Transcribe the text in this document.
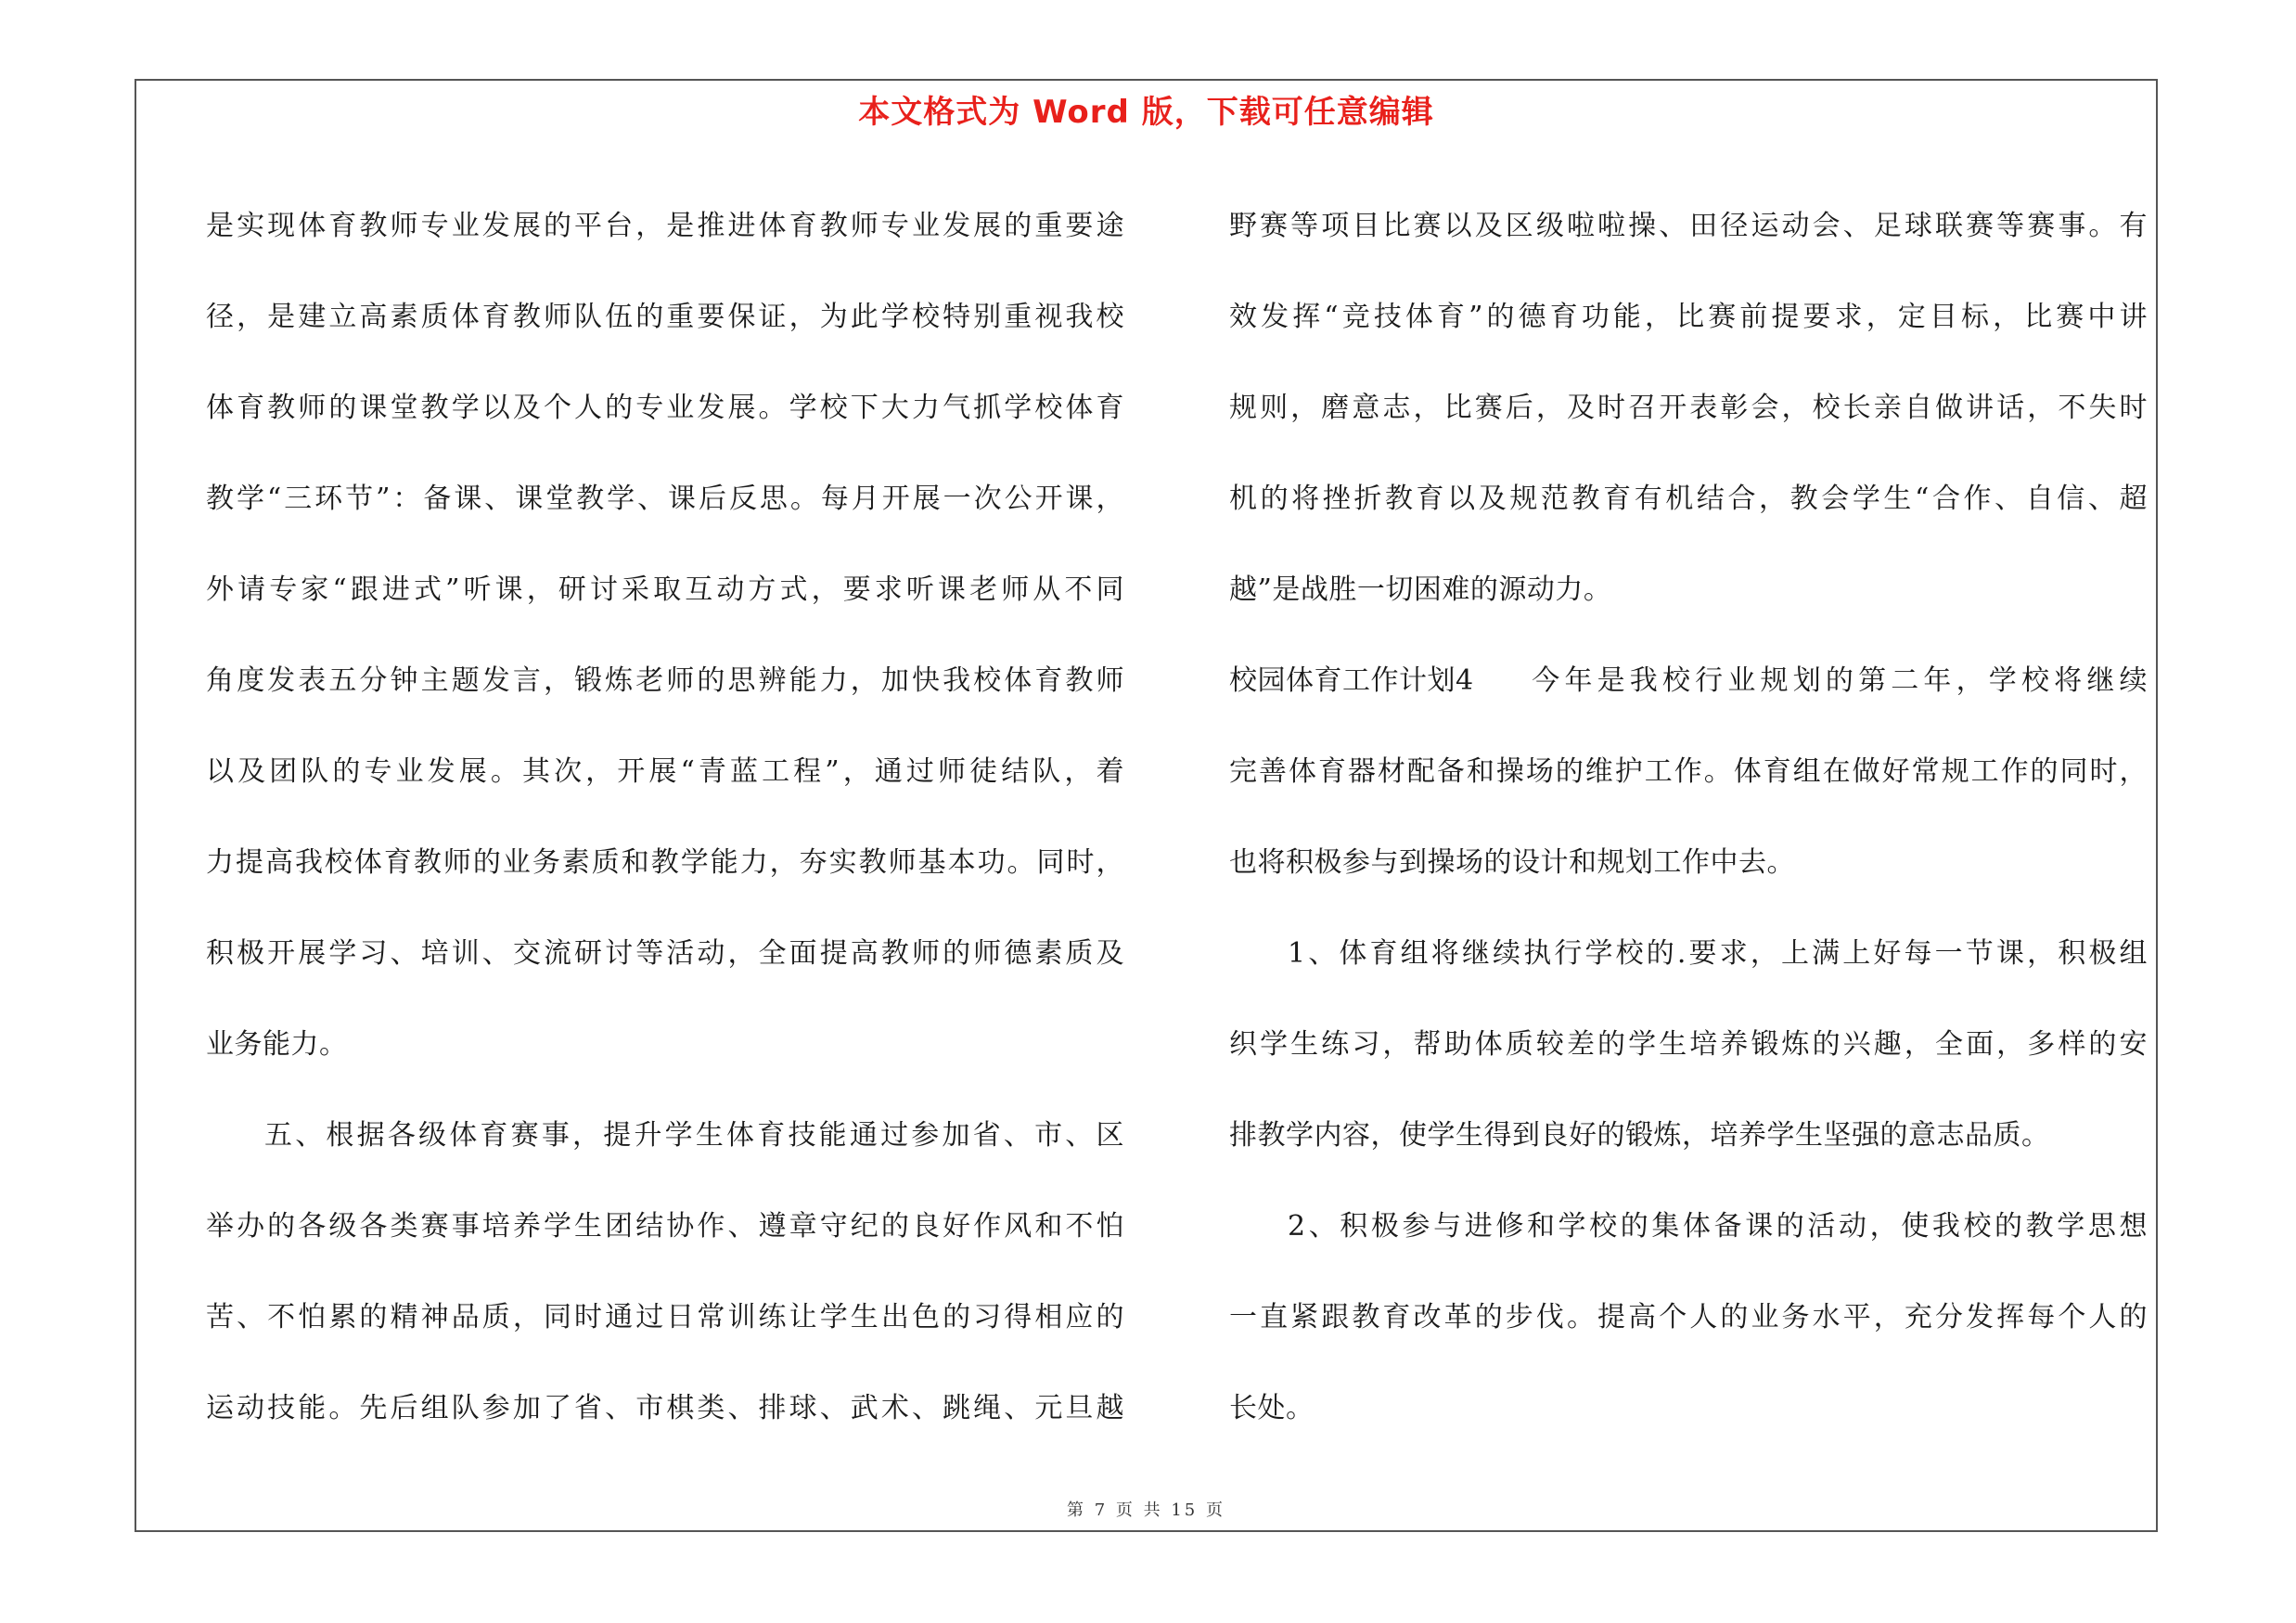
本文格式为 Word 版，下载可任意编辑
是实现体育教师专业发展的平台，是推进体育教师专业发展的重要途
径，是建立高素质体育教师队伍的重要保证，为此学校特别重视我校
体育教师的课堂教学以及个人的专业发展。学校下大力气抓学校体育
教学“三环节”：备课、课堂教学、课后反思。每月开展一次公开课，
外请专家“跟进式”听课，研讨采取互动方式，要求听课老师从不同
角度发表五分钟主题发言，锻炼老师的思辨能力，加快我校体育教师
以及团队的专业发展。其次，开展“青蓝工程”，通过师徒结队，着
力提高我校体育教师的业务素质和教学能力，夯实教师基本功。同时，
积极开展学习、培训、交流研讨等活动，全面提高教师的师德素质及
业务能力。
五、根据各级体育赛事，提升学生体育技能通过参加省、市、区
举办的各级各类赛事培养学生团结协作、遵章守纪的良好作风和不怕
苦、不怕累的精神品质，同时通过日常训练让学生出色的习得相应的
运动技能。先后组队参加了省、市棋类、排球、武术、跳绳、元旦越
野赛等项目比赛以及区级啦啦操、田径运动会、足球联赛等赛事。有
效发挥“竞技体育”的德育功能，比赛前提要求，定目标，比赛中讲
规则，磨意志，比赛后，及时召开表彰会，校长亲自做讲话，不失时
机的将挫折教育以及规范教育有机结合，教会学生“合作、自信、超
越”是战胜一切困难的源动力。
校园体育工作计划4 今年是我校行业规划的第二年，学校将继续
完善体育器材配备和操场的维护工作。体育组在做好常规工作的同时，
也将积极参与到操场的设计和规划工作中去。
1、体育组将继续执行学校的.要求，上满上好每一节课，积极组
织学生练习，帮助体质较差的学生培养锻炼的兴趣，全面，多样的安
排教学内容，使学生得到良好的锻炼，培养学生坚强的意志品质。
2、积极参与进修和学校的集体备课的活动，使我校的教学思想
一直紧跟教育改革的步伐。提高个人的业务水平，充分发挥每个人的
长处。
第 7 页 共 15 页
